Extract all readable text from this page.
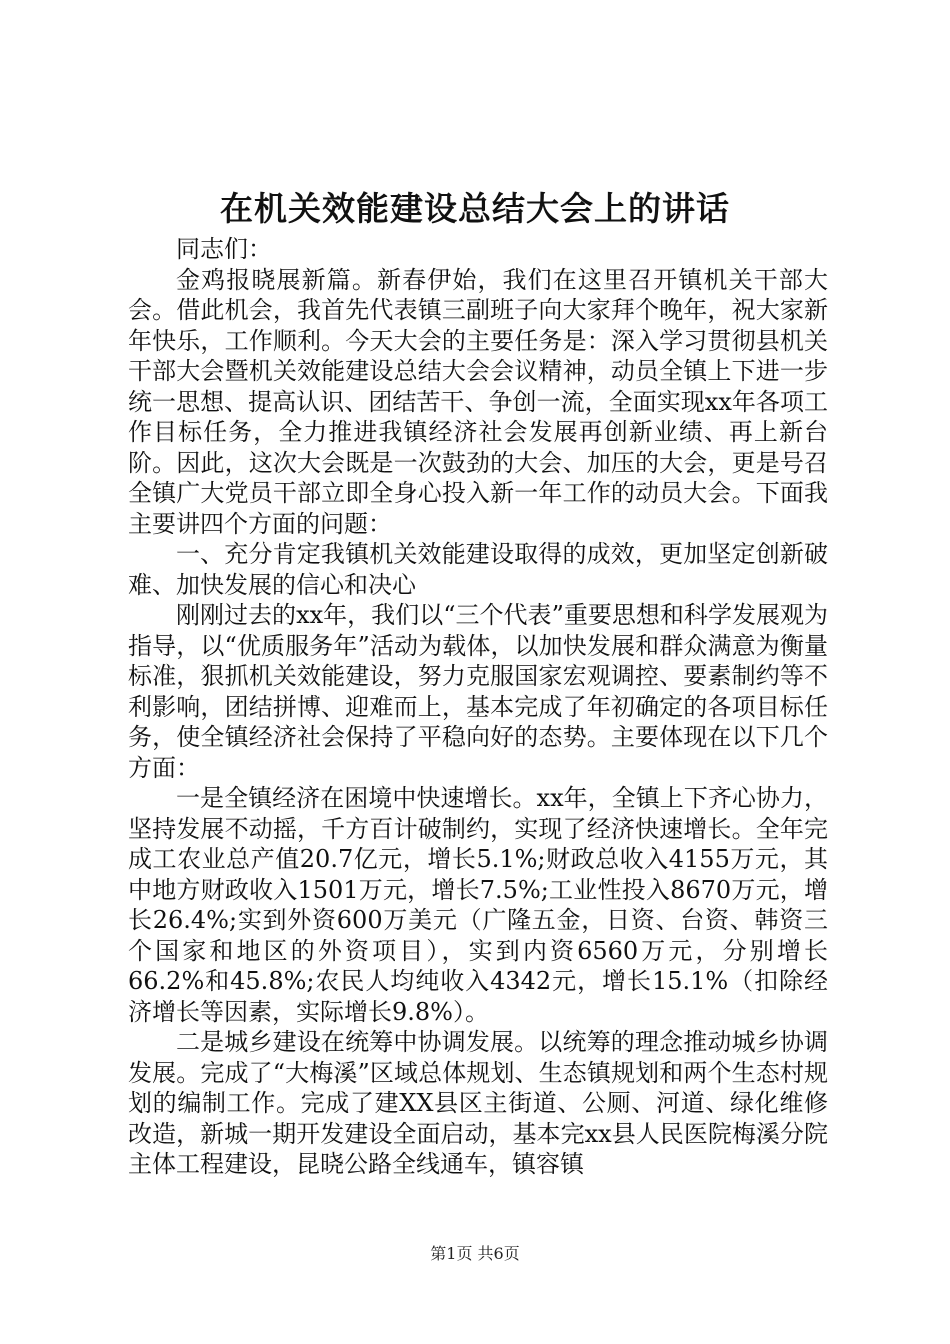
在机关效能建设总结大会上的讲话

同志们：

金鸡报晓展新篇。新春伊始，我们在这里召开镇机关干部大会。借此机会，我首先代表镇三副班子向大家拜个晚年，祝大家新年快乐，工作顺利。今天大会的主要任务是：深入学习贯彻县机关干部大会暨机关效能建设总结大会会议精神，动员全镇上下进一步统一思想、提高认识、团结苦干、争创一流，全面实现xx年各项工作目标任务，全力推进我镇经济社会发展再创新业绩、再上新台阶。因此，这次大会既是一次鼓劲的大会、加压的大会，更是号召全镇广大党员干部立即全身心投入新一年工作的动员大会。下面我主要讲四个方面的问题：

一、充分肯定我镇机关效能建设取得的成效，更加坚定创新破难、加快发展的信心和决心

刚刚过去的xx年，我们以“三个代表”重要思想和科学发展观为指导，以“优质服务年”活动为载体，以加快发展和群众满意为衡量标准，狠抓机关效能建设，努力克服国家宏观调控、要素制约等不利影响，团结拼博、迎难而上，基本完成了年初确定的各项目标任务，使全镇经济社会保持了平稳向好的态势。主要体现在以下几个方面：

一是全镇经济在困境中快速增长。xx年，全镇上下齐心协力，坚持发展不动摇，千方百计破制约，实现了经济快速增长。全年完成工农业总产值20.7亿元，增长5.1%;财政总收入4155万元，其中地方财政收入1501万元，增长7.5%;工业性投入8670万元，增长26.4%;实到外资600万美元（广隆五金，日资、台资、韩资三个国家和地区的外资项目），实到内资6560万元，分别增长66.2%和45.8%;农民人均纯收入4342元，增长15.1%（扣除经济增长等因素，实际增长9.8%）。

二是城乡建设在统筹中协调发展。以统筹的理念推动城乡协调发展。完成了“大梅溪”区域总体规划、生态镇规划和两个生态村规划的编制工作。完成了建XX县区主街道、公厕、河道、绿化维修改造，新城一期开发建设全面启动，基本完xx县人民医院梅溪分院主体工程建设，昆晓公路全线通车，镇容镇

第1页 共6页
